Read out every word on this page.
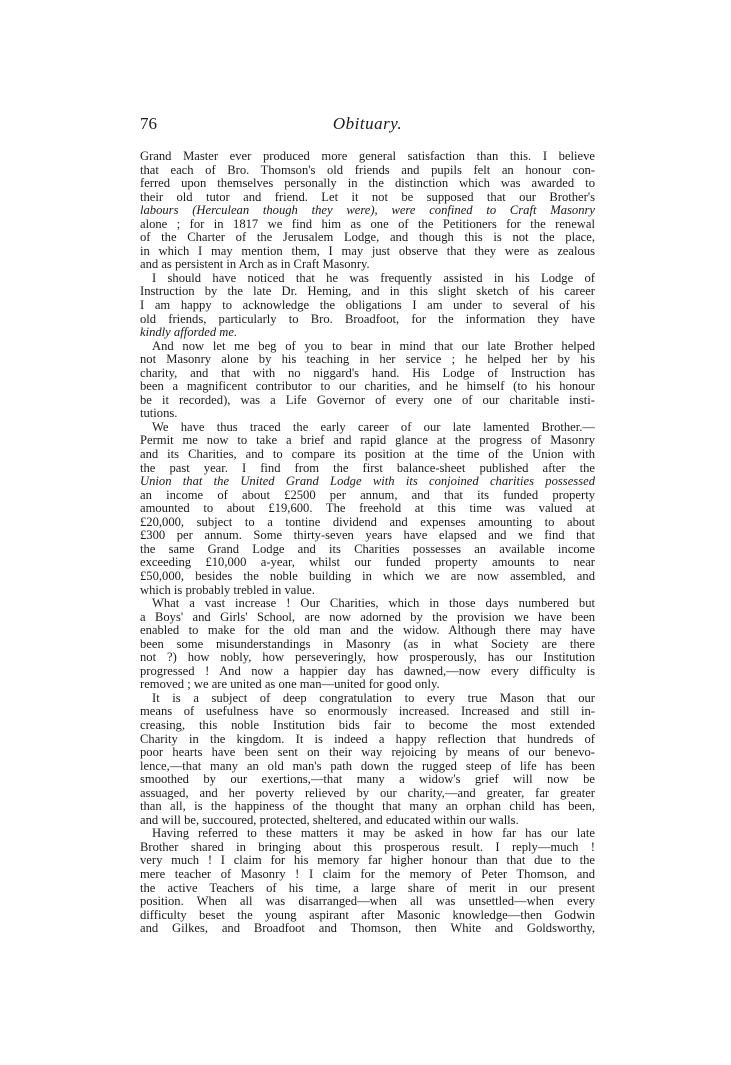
76	Obituary.
Grand Master ever produced more general satisfaction than this. I believe
that each of Bro. Thomson's old friends and pupils felt an honour con-
ferred upon themselves personally in the distinction which was awarded to
their old tutor and friend. Let it not be supposed that our Brother's
labours (Herculean though they were), were confined to Craft Masonry
alone ; for in 1817 we find him as one of the Petitioners for the renewal
of the Charter of the Jerusalem Lodge, and though this is not the place,
in which I may mention them, I may just observe that they were as zealous
and as persistent in Arch as in Craft Masonry.
I should have noticed that he was frequently assisted in his Lodge of
Instruction by the late Dr. Heming, and in this slight sketch of his career
I am happy to acknowledge the obligations I am under to several of his
old friends, particularly to Bro. Broadfoot, for the information they have
kindly afforded me.
And now let me beg of you to bear in mind that our late Brother helped
not Masonry alone by his teaching in her service ; he helped her by his
charity, and that with no niggard's hand. His Lodge of Instruction has
been a magnificent contributor to our charities, and he himself (to his honour
be it recorded), was a Life Governor of every one of our charitable insti-
tutions.
We have thus traced the early career of our late lamented Brother.—
Permit me now to take a brief and rapid glance at the progress of Masonry
and its Charities, and to compare its position at the time of the Union with
the past year. I find from the first balance-sheet published after the
Union that the United Grand Lodge with its conjoined charities possessed
an income of about £2500 per annum, and that its funded property
amounted to about £19,600. The freehold at this time was valued at
£20,000, subject to a tontine dividend and expenses amounting to about
£300 per annum. Some thirty-seven years have elapsed and we find that
the same Grand Lodge and its Charities possesses an available income
exceeding £10,000 a-year, whilst our funded property amounts to near
£50,000, besides the noble building in which we are now assembled, and
which is probably trebled in value.
What a vast increase ! Our Charities, which in those days numbered but
a Boys' and Girls' School, are now adorned by the provision we have been
enabled to make for the old man and the widow. Although there may have
been some misunderstandings in Masonry (as in what Society are there
not ?) how nobly, how perseveringly, how prosperously, has our Institution
progressed ! And now a happier day has dawned,—now every difficulty is
removed ; we are united as one man—united for good only.
It is a subject of deep congratulation to every true Mason that our
means of usefulness have so enormously increased. Increased and still in-
creasing, this noble Institution bids fair to become the most extended
Charity in the kingdom. It is indeed a happy reflection that hundreds of
poor hearts have been sent on their way rejoicing by means of our benevo-
lence,—that many an old man's path down the rugged steep of life has been
smoothed by our exertions,—that many a widow's grief will now be
assuaged, and her poverty relieved by our charity,—and greater, far greater
than all, is the happiness of the thought that many an orphan child has been,
and will be, succoured, protected, sheltered, and educated within our walls.
Having referred to these matters it may be asked in how far has our late
Brother shared in bringing about this prosperous result. I reply—much !
very much ! I claim for his memory far higher honour than that due to the
mere teacher of Masonry ! I claim for the memory of Peter Thomson, and
the active Teachers of his time, a large share of merit in our present
position. When all was disarranged—when all was unsettled—when every
difficulty beset the young aspirant after Masonic knowledge—then Godwin
and Gilkes, and Broadfoot and Thomson, then White and Goldsworthy,
